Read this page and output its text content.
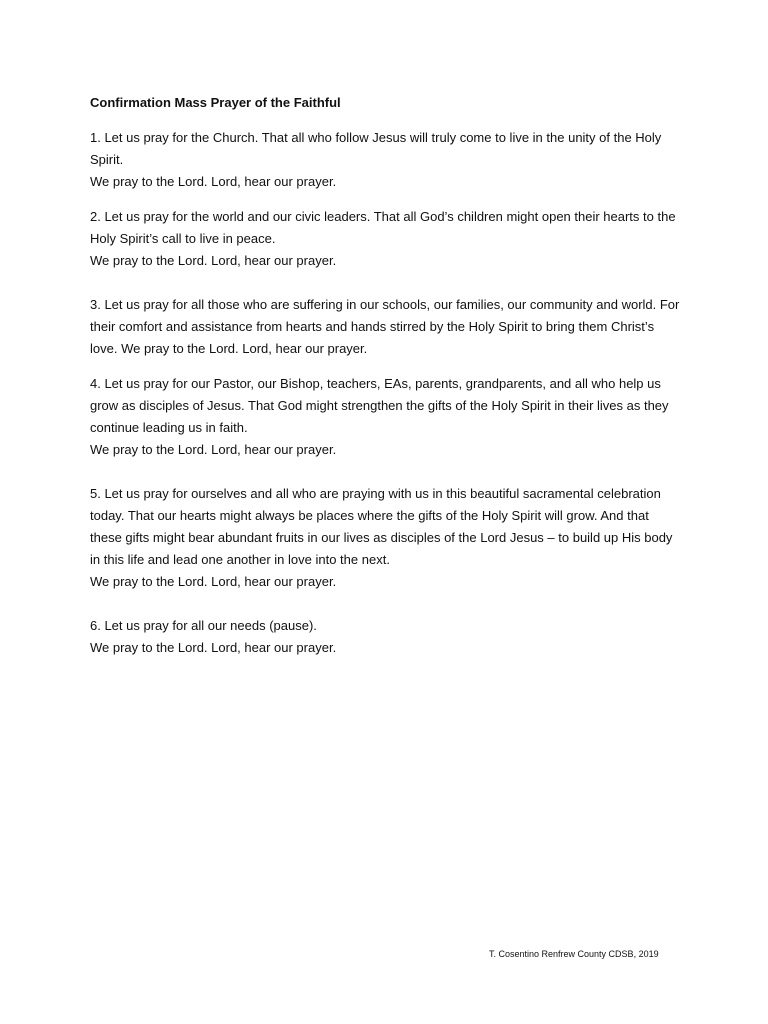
Confirmation Mass Prayer of the Faithful

1. Let us pray for the Church. That all who follow Jesus will truly come to live in the unity of the Holy Spirit.

We pray to the Lord. Lord, hear our prayer.

2. Let us pray for the world and our civic leaders. That all God’s children might open their hearts to the Holy Spirit’s call to live in peace.

We pray to the Lord. Lord, hear our prayer.

3. Let us pray for all those who are suffering in our schools, our families, our community and world. For their comfort and assistance from hearts and hands stirred by the Holy Spirit to bring them Christ’s love. We pray to the Lord. Lord, hear our prayer.

4. Let us pray for our Pastor, our Bishop, teachers, EAs, parents, grandparents, and all who help us grow as disciples of Jesus. That God might strengthen the gifts of the Holy Spirit in their lives as they continue leading us in faith.

We pray to the Lord. Lord, hear our prayer.

5. Let us pray for ourselves and all who are praying with us in this beautiful sacramental celebration today. That our hearts might always be places where the gifts of the Holy Spirit will grow. And that these gifts might bear abundant fruits in our lives as disciples of the Lord Jesus – to build up His body in this life and lead one another in love into the next.

We pray to the Lord. Lord, hear our prayer.

6. Let us pray for all our needs (pause).

We pray to the Lord. Lord, hear our prayer.

T. Cosentino Renfrew County CDSB, 2019
